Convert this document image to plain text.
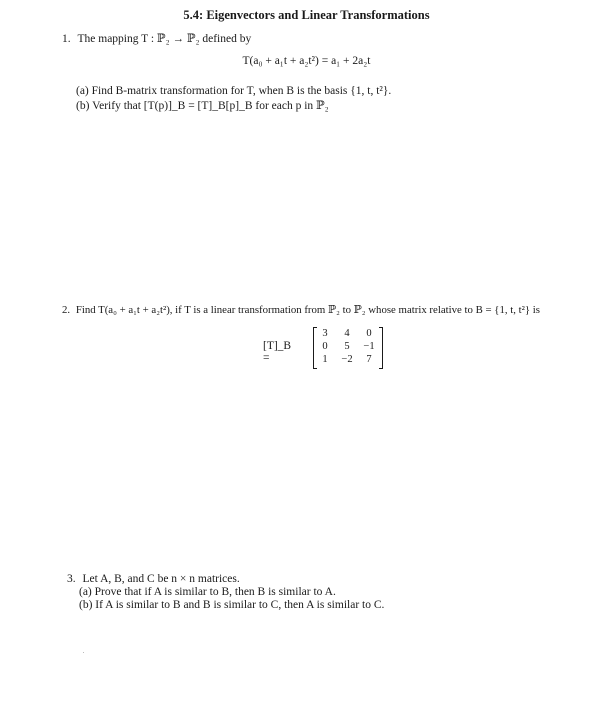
5.4: Eigenvectors and Linear Transformations
1. The mapping T : ℙ₂ → ℙ₂ defined by
T(a₀ + a₁t + a₂t²) = a₁ + 2a₂t
(a) Find B-matrix transformation for T, when B is the basis {1, t, t²}.
(b) Verify that [T(p)]_B = [T]_B[p]_B for each p in ℙ₂
2. Find T(a₀ + a₁t + a₂t²), if T is a linear transformation from ℙ₂ to ℙ₂ whose matrix relative to B = {1, t, t²} is
[T]_B =
3	4	0
0	5	−1
1	−2	7
3. Let A, B, and C be n × n matrices.
(a) Prove that if A is similar to B, then B is similar to A.
(b) If A is similar to B and B is similar to C, then A is similar to C.
